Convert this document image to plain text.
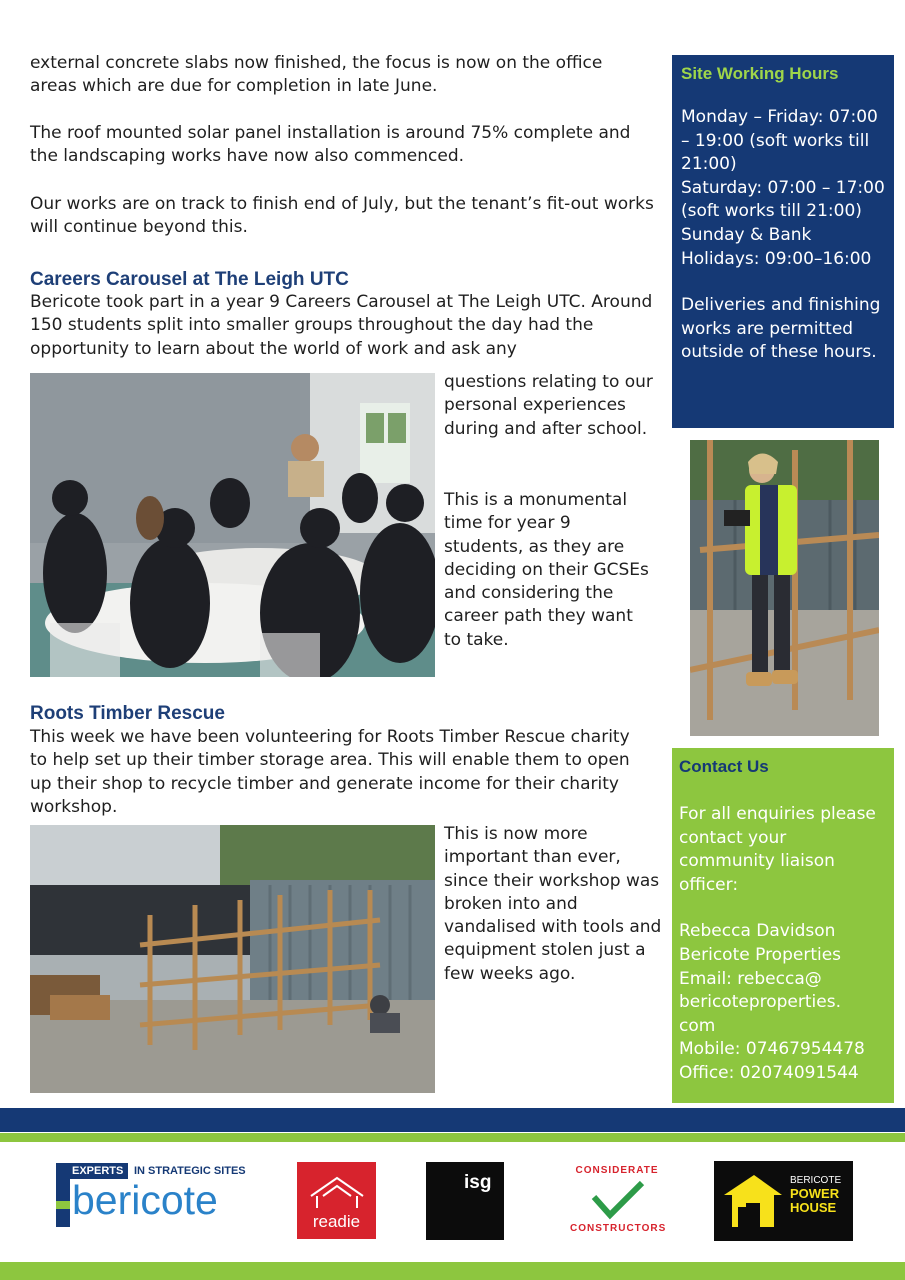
external concrete slabs now finished, the focus is now on the office areas which are due for completion in late June.

The roof mounted solar panel installation is around 75% complete and the landscaping works have now also commenced.

Our works are on track to finish end of July, but the tenant’s fit-out works will continue beyond this.

Careers Carousel at The Leigh UTC

Bericote took part in a year 9 Careers Carousel at The Leigh UTC. Around 150 students split into smaller groups throughout the day had the opportunity to learn about the world of work and ask any

questions relating to our personal experiences during and after school.

This is a monumental time for year 9 students, as they are deciding on their GCSEs and considering the career path they want to take.

Roots Timber Rescue

This week we have been volunteering for Roots Timber Rescue charity to help set up their timber storage area. This will enable them to open up their shop to recycle timber and generate income for their charity workshop.

This is now more important than ever, since their workshop was broken into and vandalised with tools and equipment stolen just a few weeks ago.

Site Working Hours
Monday – Friday: 07:00 – 19:00 (soft works till 21:00)
Saturday: 07:00 – 17:00 (soft works till 21:00)
Sunday & Bank Holidays: 09:00–16:00
Deliveries and finishing works are permitted outside of these hours.
Contact Us
For all enquiries please contact your community liaison officer:
Rebecca Davidson
Bericote Properties
Email: rebecca@
bericoteproperties.
com
Mobile: 07467954478
Office: 02074091544
EXPERTS IN STRATEGIC SITES
bericote	readie
isg
CONSIDERATE
CONSTRUCTORS
BERICOTE
POWER
HOUSE
